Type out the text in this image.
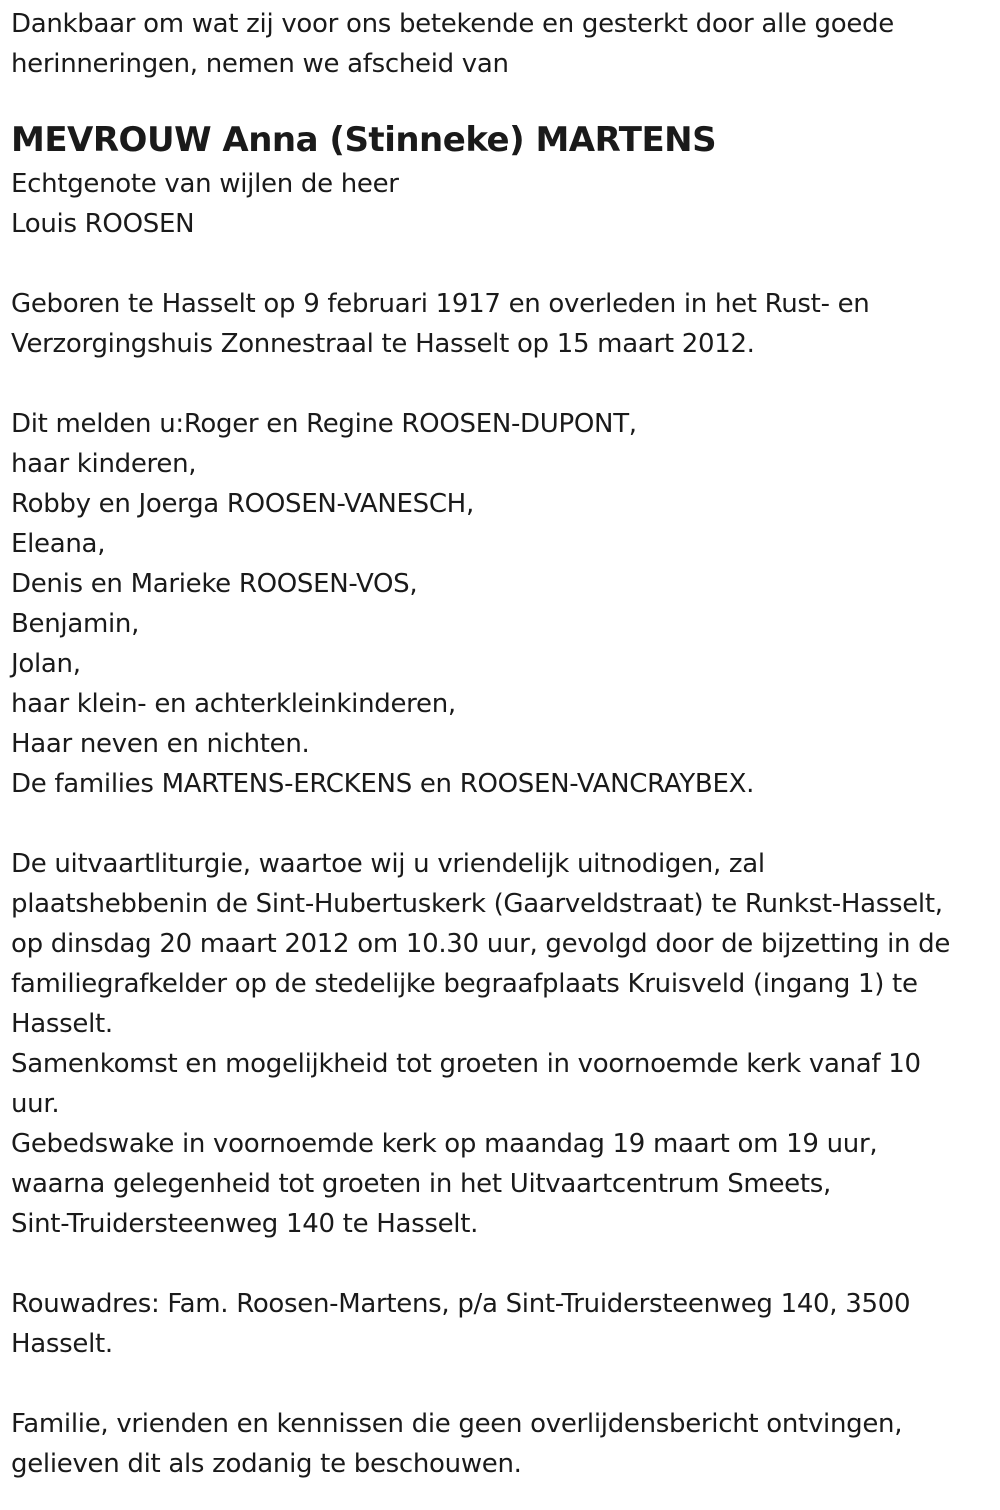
Dankbaar om wat zij voor ons betekende en gesterkt door alle goede
herinneringen, nemen we afscheid van
MEVROUW Anna (Stinneke) MARTENS
Echtgenote van wijlen de heer
Louis ROOSEN
Geboren te Hasselt op 9 februari 1917 en overleden in het Rust- en
Verzorgingshuis Zonnestraal te Hasselt op 15 maart 2012.
Dit melden u:Roger en Regine ROOSEN-DUPONT,
haar kinderen,
Robby en Joerga ROOSEN-VANESCH,
Eleana,
Denis en Marieke ROOSEN-VOS,
Benjamin,
Jolan,
haar klein- en achterkleinkinderen,
Haar neven en nichten.
De families MARTENS-ERCKENS en ROOSEN-VANCRAYBEX.
De uitvaartliturgie, waartoe wij u vriendelijk uitnodigen, zal
plaatshebbenin de Sint-Hubertuskerk (Gaarveldstraat) te Runkst-Hasselt,
op dinsdag 20 maart 2012 om 10.30 uur, gevolgd door de bijzetting in de
familiegrafkelder op de stedelijke begraafplaats Kruisveld (ingang 1) te
Hasselt.
Samenkomst en mogelijkheid tot groeten in voornoemde kerk vanaf 10
uur.
Gebedswake in voornoemde kerk op maandag 19 maart om 19 uur,
waarna gelegenheid tot groeten in het Uitvaartcentrum Smeets,
Sint-Truidersteenweg 140 te Hasselt.
Rouwadres: Fam. Roosen-Martens, p/a Sint-Truidersteenweg 140, 3500
Hasselt.
Familie, vrienden en kennissen die geen overlijdensbericht ontvingen,
gelieven dit als zodanig te beschouwen.
